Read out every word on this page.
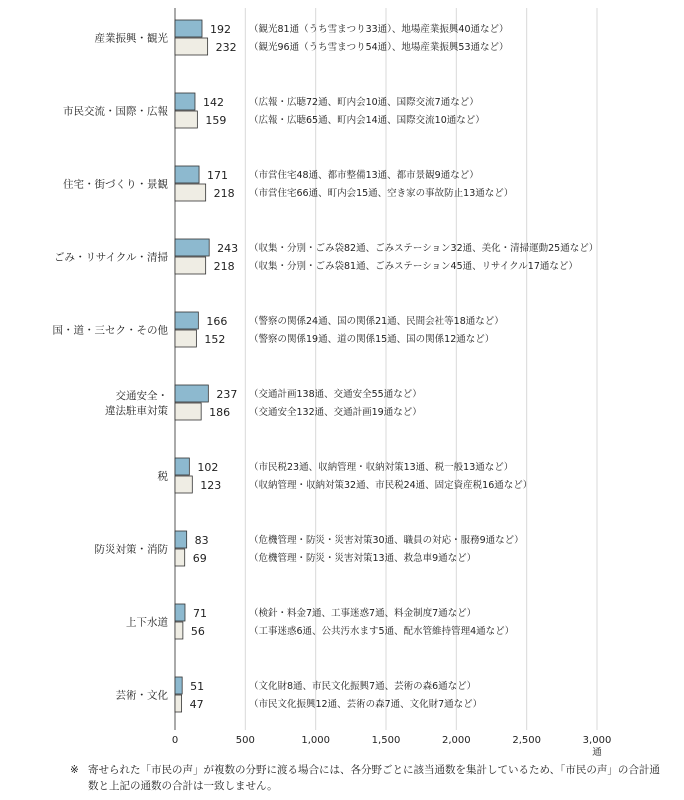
0	500	1,000	1,500	2,000	2,500	3,000
通
産業振興・観光
192 （観光81通（うち雪まつり33通）、地場産業振興40通など）
232 （観光96通（うち雪まつり54通）、地場産業振興53通など）
市民交流・国際・広報
142	（広報・広聴72通、町内会10通、国際交流7通など）
159 （広報・広聴65通、町内会14通、国際交流10通など）
住宅・街づくり・景観
171 （市営住宅48通、都市整備13通、都市景観9通など）
218 （市営住宅66通、町内会15通、空き家の事故防止13通など）
ごみ・リサイクル・清掃
243 （収集・分別・ごみ袋82通、ごみステーション32通、美化・清掃運動25通など）
218 （収集・分別・ごみ袋81通、ごみステーション45通、リサイクル17通など）
国・道・三セク・その他
166 （警察の関係24通、国の関係21通、民間会社等18通など）
152 （警察の関係19通、道の関係15通、国の関係12通など）
交通安全・
違法駐車対策
237 （交通計画138通、交通安全55通など）
186 （交通安全132通、交通計画19通など）
税
102	（市民税23通、収納管理・収納対策13通、税一般13通など）
123	（収納管理・収納対策32通、市民税24通、固定資産税16通など）
防災対策・消防
83	（危機管理・防災・災害対策30通、職員の対応・服務9通など）
69	（危機管理・防災・災害対策13通、救急車9通など）
上下水道
71	（検針・料金7通、工事迷惑7通、料金制度7通など）
56	（工事迷惑6通、公共汚水ます5通、配水管維持管理4通など）
芸術・文化
51	（文化財8通、市民文化振興7通、芸術の森6通など）
47	（市民文化振興12通、芸術の森7通、文化財7通など）
※ 寄せられた「市民の声」が複数の分野に渡る場合には、各分野ごとに該当通数を集計しているため、「市民の声」の合計通数と上記の通数の合計は一致しません。
